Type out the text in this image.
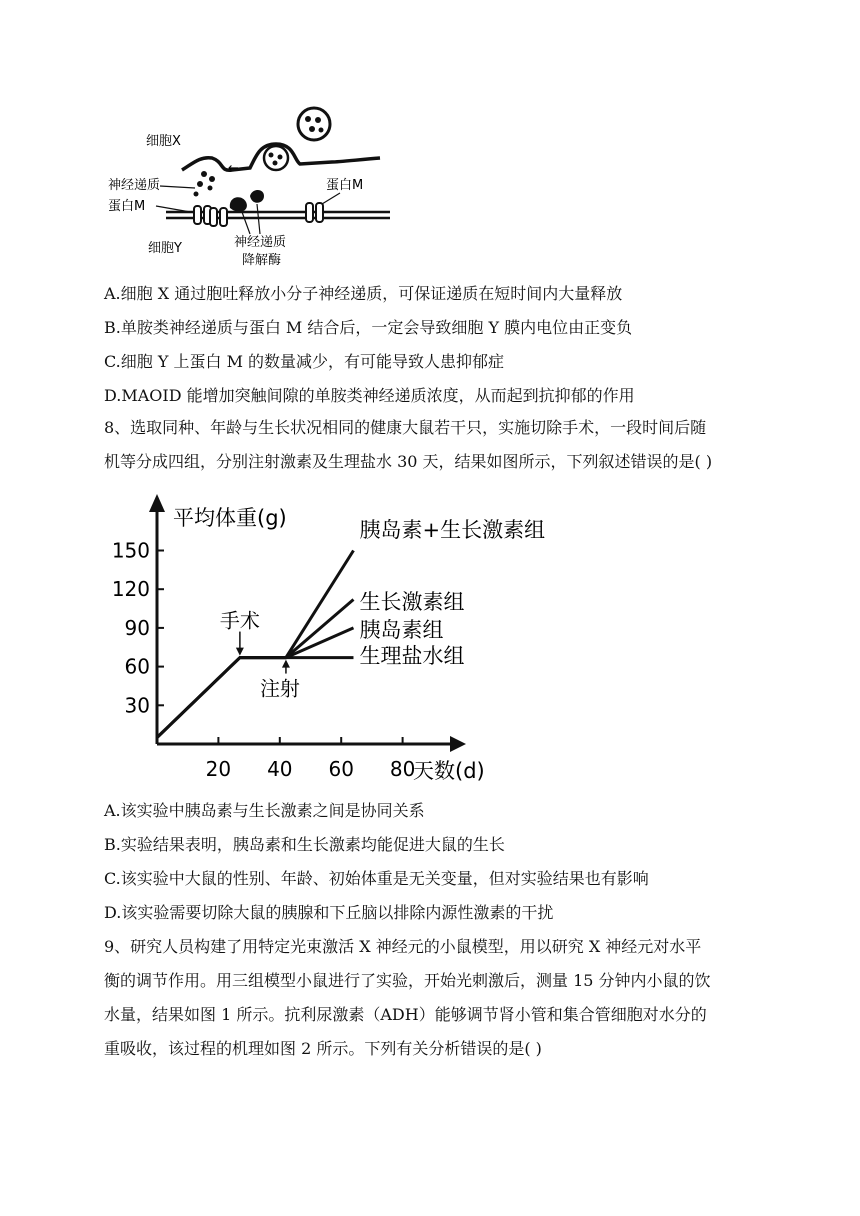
细胞X
←
神经递质
蛋白M
蛋白M
细胞Y	神经递质
降解酶
A.细胞 X 通过胞吐释放小分子神经递质，可保证递质在短时间内大量释放
B.单胺类神经递质与蛋白 M 结合后，一定会导致细胞 Y 膜内电位由正变负
C.细胞 Y 上蛋白 M 的数量减少，有可能导致人患抑郁症
D.MAOID 能增加突触间隙的单胺类神经递质浓度，从而起到抗抑郁的作用
8、选取同种、年龄与生长状况相同的健康大鼠若干只，实施切除手术，一段时间后随
机等分成四组，分别注射激素及生理盐水 30 天，结果如图所示，下列叙述错误的是( )
平均体重(g)
天数(d)
20 40 60 80
30
60
90
120
150
胰岛素+生长激素组
生长激素组
胰岛素组
生理盐水组
手术
注射
A.该实验中胰岛素与生长激素之间是协同关系
B.实验结果表明，胰岛素和生长激素均能促进大鼠的生长
C.该实验中大鼠的性别、年龄、初始体重是无关变量，但对实验结果也有影响
D.该实验需要切除大鼠的胰腺和下丘脑以排除内源性激素的干扰
9、研究人员构建了用特定光束激活 X 神经元的小鼠模型，用以研究 X 神经元对水平
衡的调节作用。用三组模型小鼠进行了实验，开始光刺激后，测量 15 分钟内小鼠的饮
水量，结果如图 1 所示。抗利尿激素（ADH）能够调节肾小管和集合管细胞对水分的
重吸收，该过程的机理如图 2 所示。下列有关分析错误的是( )
